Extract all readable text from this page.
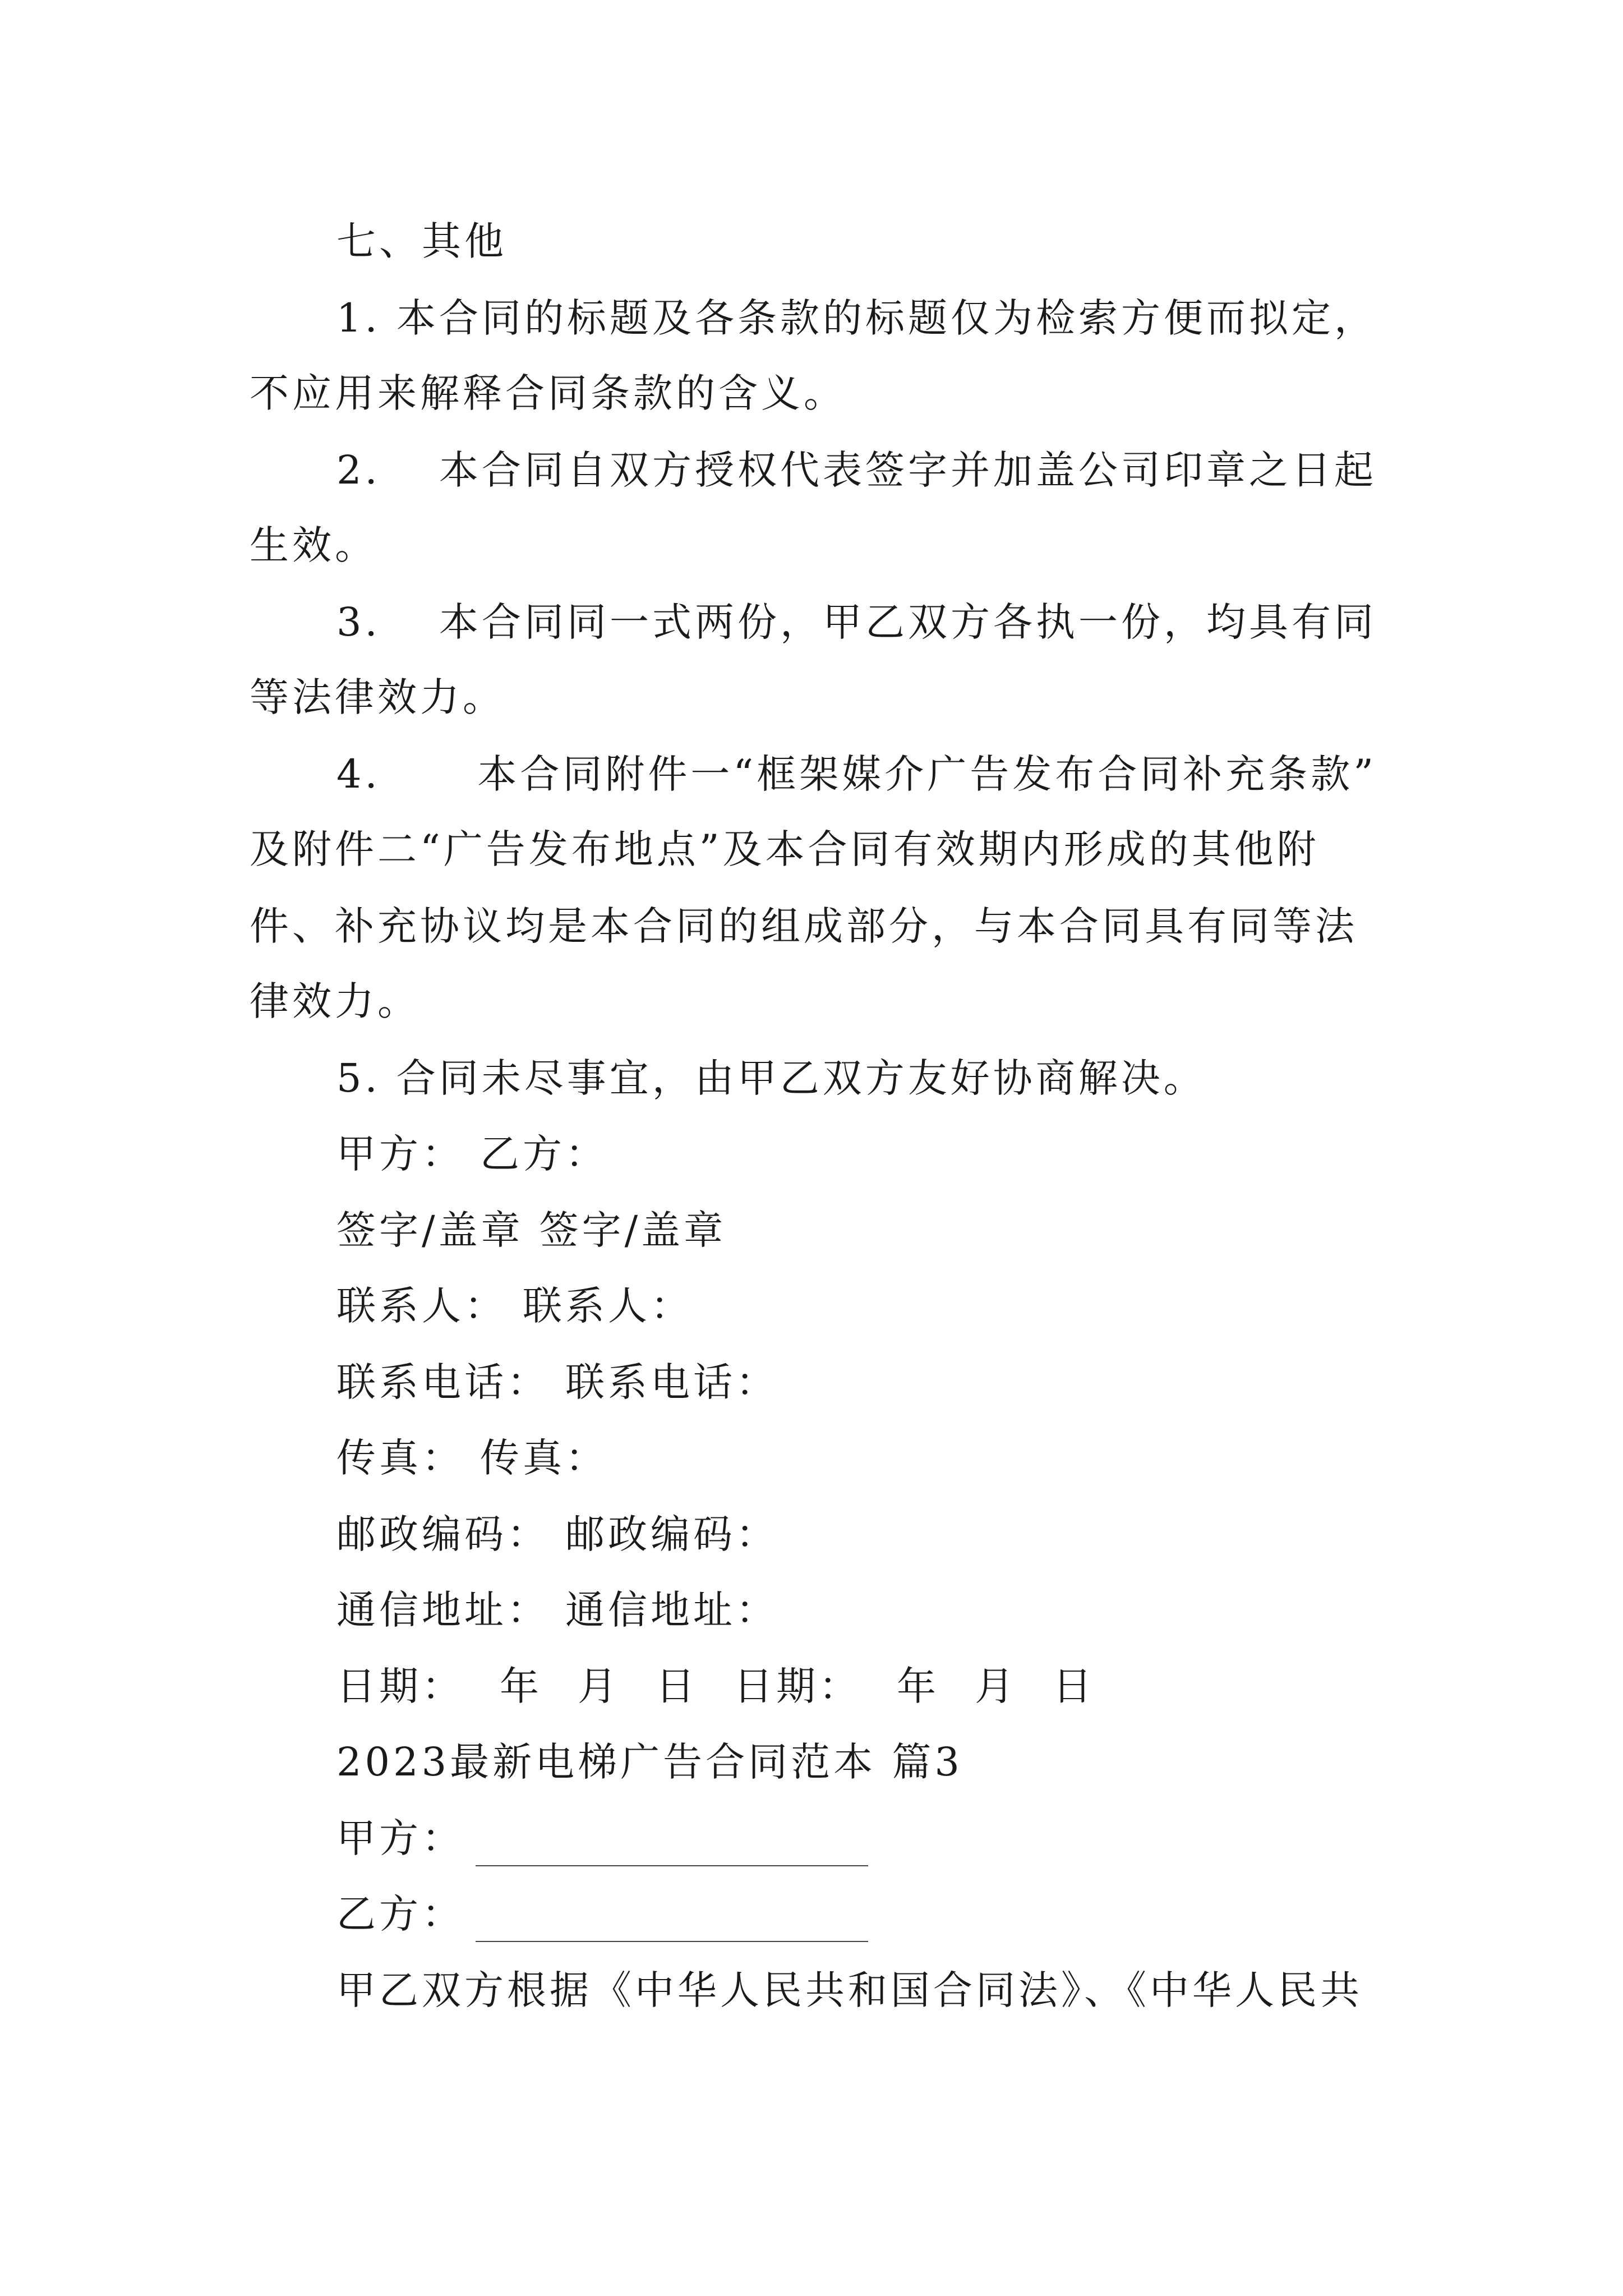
七、其他
1. 本合同的标题及各条款的标题仅为检索方便而拟定，
不应用来解释合同条款的含义。
2. 本合同自双方授权代表签字并加盖公司印章之日起
生效。
3. 本合同同一式两份，甲乙双方各执一份，均具有同
等法律效力。
4. 本合同附件一“框架媒介广告发布合同补充条款”
及附件二“广告发布地点”及本合同有效期内形成的其他附
件、补充协议均是本合同的组成部分，与本合同具有同等法
律效力。
5. 合同未尽事宜，由甲乙双方友好协商解决。
甲方： 乙方：
签字/盖章 签字/盖章
联系人： 联系人：
联系电话： 联系电话：
传真： 传真：
邮政编码： 邮政编码：
通信地址： 通信地址：
日期： 年 月 日 日期： 年 月 日
2023最新电梯广告合同范本 篇3
甲方：
乙方：
甲乙双方根据《中华人民共和国合同法》、《中华人民共
